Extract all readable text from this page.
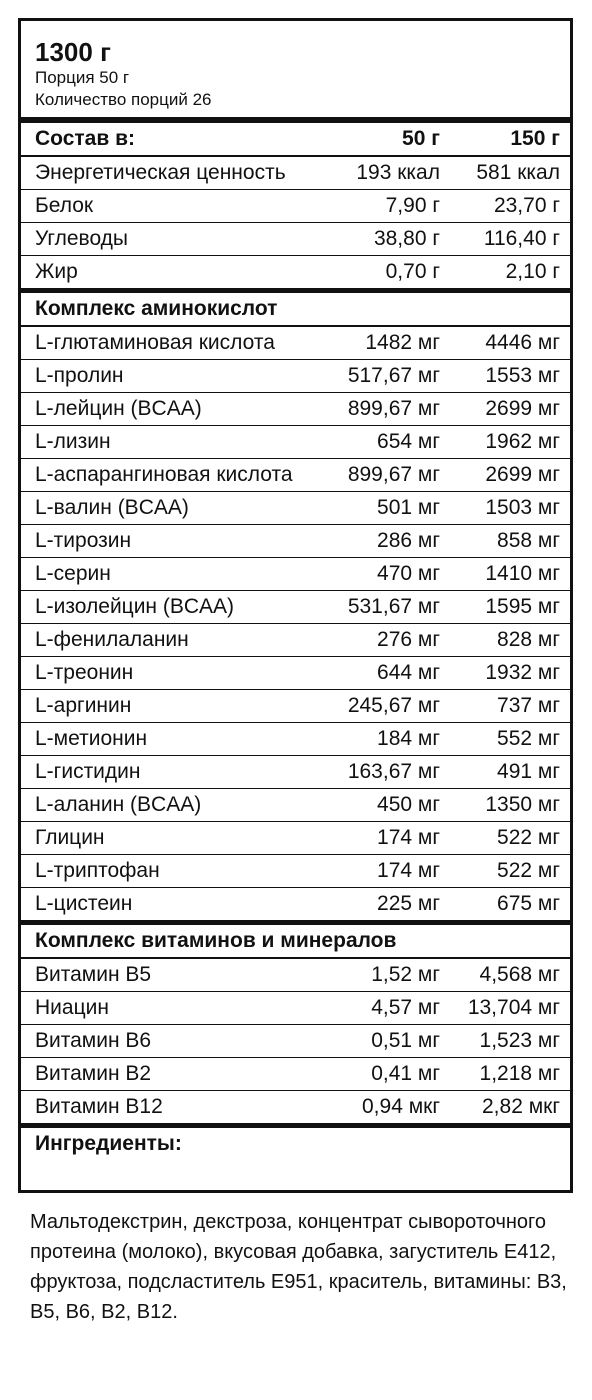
1300 г
Порция 50 г
Количество порций 26
Состав в:	50 г	150 г
Энергетическая ценность	193 ккал	581 ккал
Белок	7,90 г	23,70 г
Углеводы	38,80 г	116,40 г
Жир	0,70 г	2,10 г
Комплекс аминокислот
L-глютаминовая кислота	1482 мг	4446 мг
L-пролин	517,67 мг	1553 мг
L-лейцин (BCAA)	899,67 мг	2699 мг
L-лизин	654 мг	1962 мг
L-аспарангиновая кислота	899,67 мг	2699 мг
L-валин (BCAA)	501 мг	1503 мг
L-тирозин	286 мг	858 мг
L-серин	470 мг	1410 мг
L-изолейцин (BCAA)	531,67 мг	1595 мг
L-фенилаланин	276 мг	828 мг
L-треонин	644 мг	1932 мг
L-аргинин	245,67 мг	737 мг
L-метионин	184 мг	552 мг
L-гистидин	163,67 мг	491 мг
L-аланин (BCAA)	450 мг	1350 мг
Глицин	174 мг	522 мг
L-триптофан	174 мг	522 мг
L-цистеин	225 мг	675 мг
Комплекс витаминов и минералов
Витамин B5	1,52 мг	4,568 мг
Ниацин	4,57 мг	13,704 мг
Витамин B6	0,51 мг	1,523 мг
Витамин B2	0,41 мг	1,218 мг
Витамин B12	0,94 мкг	2,82 мкг
Ингредиенты:
Мальтодекстрин, декстроза, концентрат сывороточного протеина (молоко), вкусовая добавка, загуститель Е412, фруктоза, подсластитель Е951, краситель, витамины: B3, B5, B6, B2, B12.
